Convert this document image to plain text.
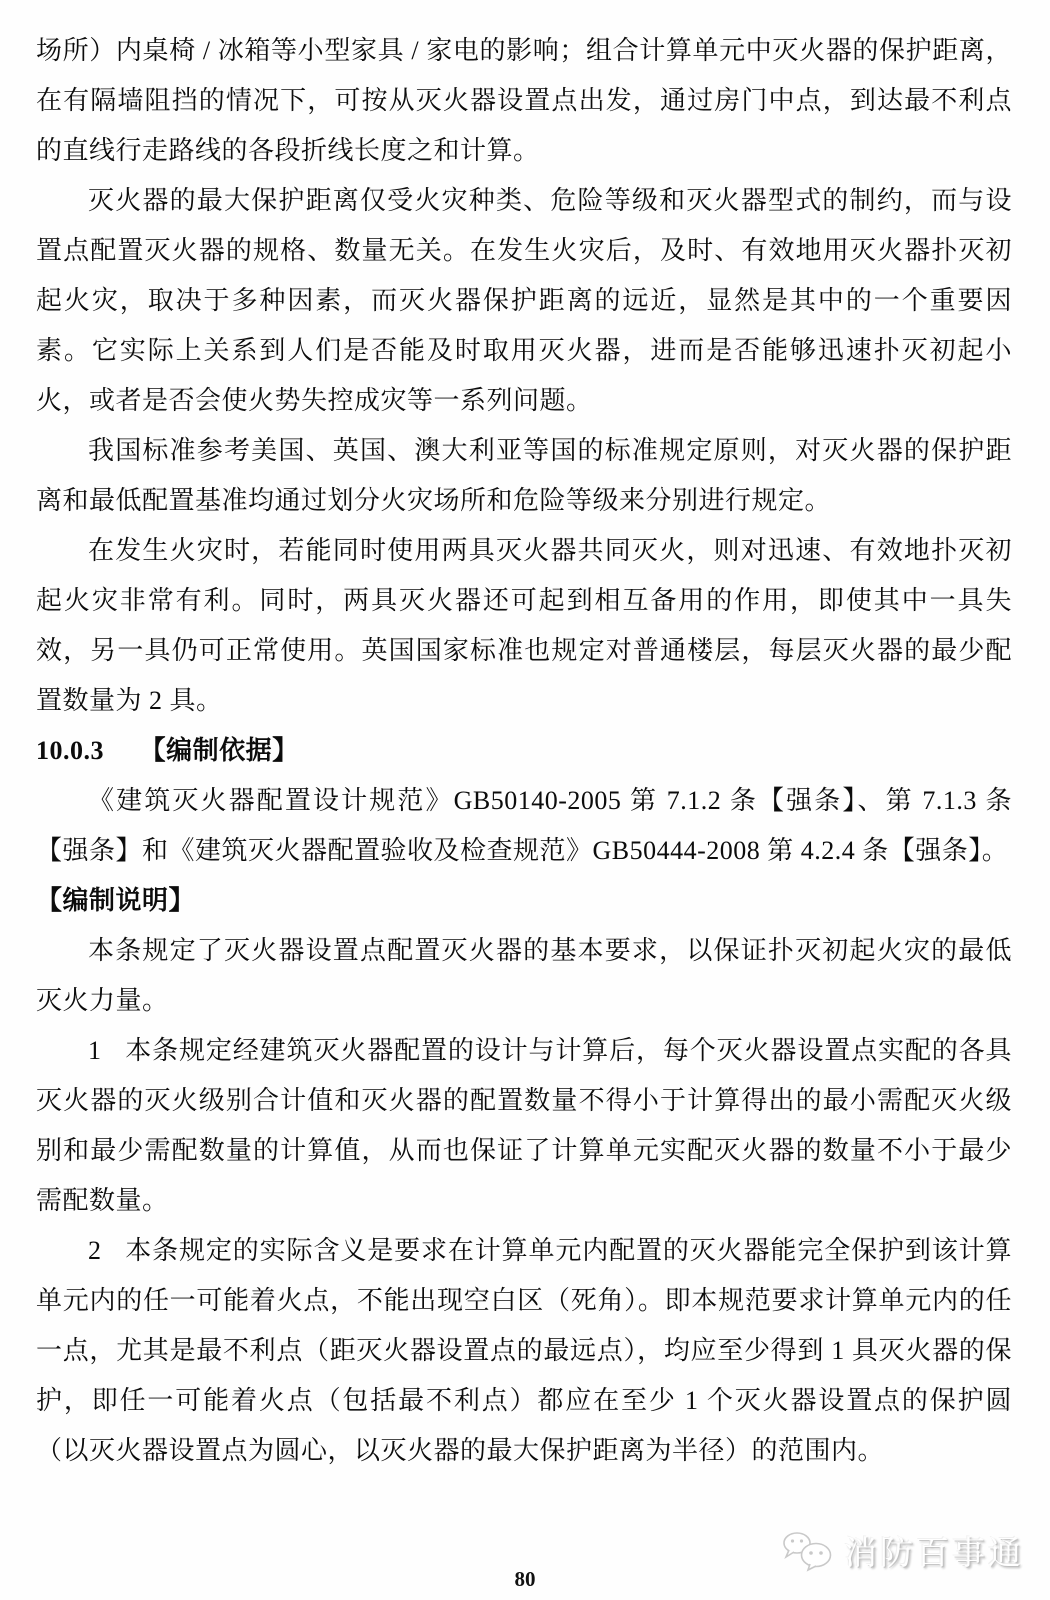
场所）内桌椅 / 冰箱等小型家具 / 家电的影响；组合计算单元中灭火器的保护距离，在有隔墙阻挡的情况下，可按从灭火器设置点出发，通过房门中点，到达最不利点的直线行走路线的各段折线长度之和计算。

灭火器的最大保护距离仅受火灾种类、危险等级和灭火器型式的制约，而与设置点配置灭火器的规格、数量无关。在发生火灾后，及时、有效地用灭火器扑灭初起火灾，取决于多种因素，而灭火器保护距离的远近，显然是其中的一个重要因素。它实际上关系到人们是否能及时取用灭火器，进而是否能够迅速扑灭初起小火，或者是否会使火势失控成灾等一系列问题。

我国标准参考美国、英国、澳大利亚等国的标准规定原则，对灭火器的保护距离和最低配置基准均通过划分火灾场所和危险等级来分别进行规定。

在发生火灾时，若能同时使用两具灭火器共同灭火，则对迅速、有效地扑灭初起火灾非常有利。同时，两具灭火器还可起到相互备用的作用，即使其中一具失效，另一具仍可正常使用。英国国家标准也规定对普通楼层，每层灭火器的最少配置数量为 2 具。

10.0.3 【编制依据】

《建筑灭火器配置设计规范》GB50140-2005 第 7.1.2 条【强条】、第 7.1.3 条【强条】和《建筑灭火器配置验收及检查规范》GB50444-2008 第 4.2.4 条【强条】。

【编制说明】

本条规定了灭火器设置点配置灭火器的基本要求，以保证扑灭初起火灾的最低灭火力量。

1 本条规定经建筑灭火器配置的设计与计算后，每个灭火器设置点实配的各具灭火器的灭火级别合计值和灭火器的配置数量不得小于计算得出的最小需配灭火级别和最少需配数量的计算值，从而也保证了计算单元实配灭火器的数量不小于最少需配数量。

2 本条规定的实际含义是要求在计算单元内配置的灭火器能完全保护到该计算单元内的任一可能着火点，不能出现空白区（死角）。即本规范要求计算单元内的任一点，尤其是最不利点（距灭火器设置点的最远点），均应至少得到 1 具灭火器的保护，即任一可能着火点（包括最不利点）都应在至少 1 个灭火器设置点的保护圆（以灭火器设置点为圆心，以灭火器的最大保护距离为半径）的范围内。

消防百事通
80
